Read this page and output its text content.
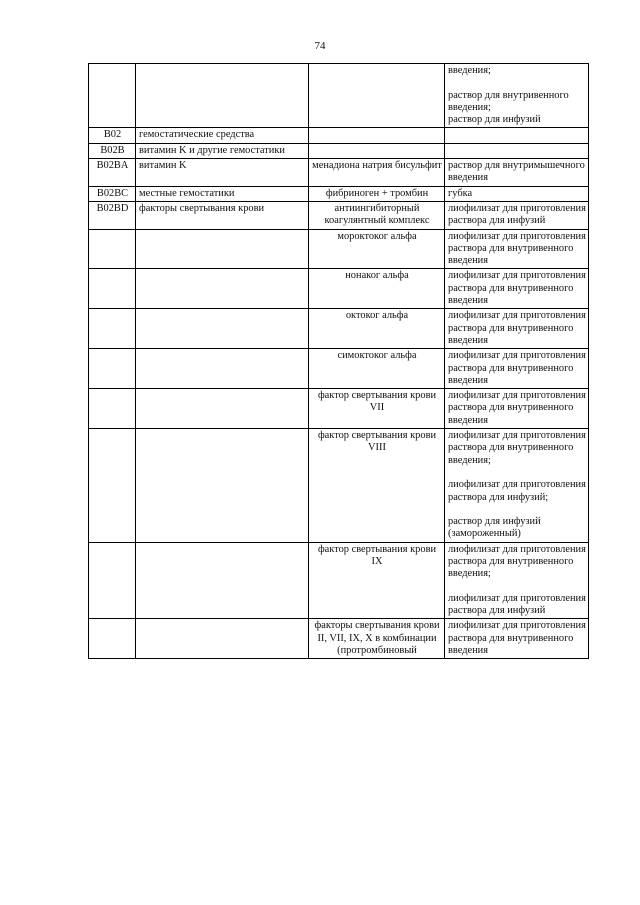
74
			введения;

раствор для внутривенного введения;
раствор для инфузий
B02	гемостатические средства		
B02B	витамин K и другие гемостатики		
B02BA	витамин K	менадиона натрия бисульфит	раствор для внутримышечного введения
B02BC	местные гемостатики	фибриноген + тромбин	губка
B02BD	факторы свертывания крови	антиингибиторный коагулянтный комплекс	лиофилизат для приготовления раствора для инфузий
		мороктоког альфа	лиофилизат для приготовления раствора для внутривенного введения
		нонаког альфа	лиофилизат для приготовления раствора для внутривенного введения
		октоког альфа	лиофилизат для приготовления раствора для внутривенного введения
		симоктоког альфа	лиофилизат для приготовления раствора для внутривенного введения
		фактор свертывания крови VII	лиофилизат для приготовления раствора для внутривенного введения
		фактор свертывания крови VIII	лиофилизат для приготовления раствора для внутривенного введения;

лиофилизат для приготовления раствора для инфузий;

раствор для инфузий (замороженный)
		фактор свертывания крови IX	лиофилизат для приготовления раствора для внутривенного введения;

лиофилизат для приготовления раствора для инфузий
		факторы свертывания крови II, VII, IX, X в комбинации (протромбиновый	лиофилизат для приготовления раствора для внутривенного введения
